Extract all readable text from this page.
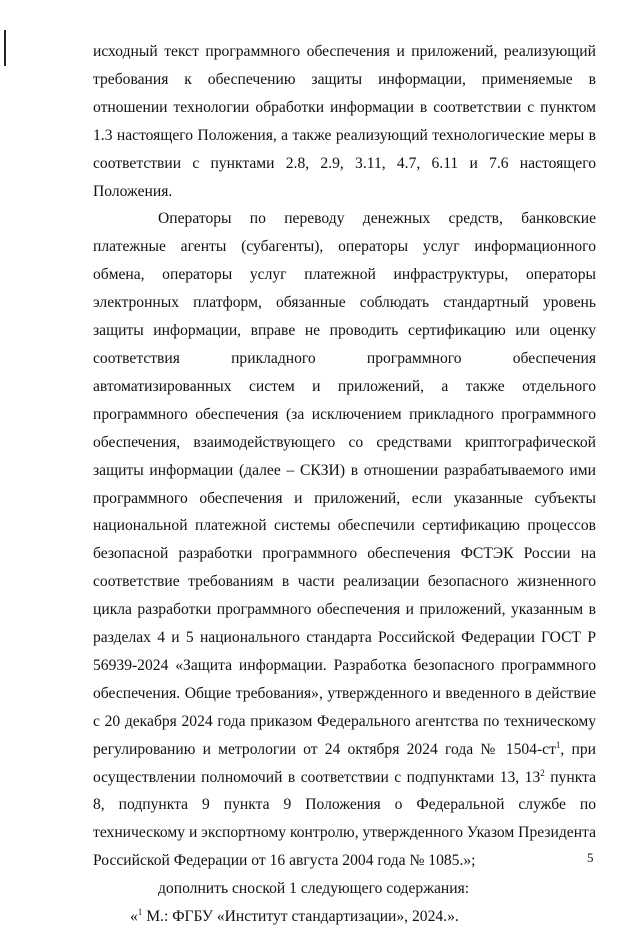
исходный текст программного обеспечения и приложений, реализующий требования к обеспечению защиты информации, применяемые в отношении технологии обработки информации в соответствии с пунктом 1.3 настоящего Положения, а также реализующий технологические меры в соответствии с пунктами 2.8, 2.9, 3.11, 4.7, 6.11 и 7.6 настоящего Положения.

Операторы по переводу денежных средств, банковские платежные агенты (субагенты), операторы услуг информационного обмена, операторы услуг платежной инфраструктуры, операторы электронных платформ, обязанные соблюдать стандартный уровень защиты информации, вправе не проводить сертификацию или оценку соответствия прикладного программного обеспечения автоматизированных систем и приложений, а также отдельного программного обеспечения (за исключением прикладного программного обеспечения, взаимодействующего со средствами криптографической защиты информации (далее – СКЗИ) в отношении разрабатываемого ими программного обеспечения и приложений, если указанные субъекты национальной платежной системы обеспечили сертификацию процессов безопасной разработки программного обеспечения ФСТЭК России на соответствие требованиям в части реализации безопасного жизненного цикла разработки программного обеспечения и приложений, указанным в разделах 4 и 5 национального стандарта Российской Федерации ГОСТ Р 56939-2024 «Защита информации. Разработка безопасного программного обеспечения. Общие требования», утвержденного и введенного в действие с 20 декабря 2024 года приказом Федерального агентства по техническому регулированию и метрологии от 24 октября 2024 года № $1504-ст^1$, при осуществлении полномочий в соответствии с подпунктами 13, $13^2$ пункта 8, подпункта 9 пункта 9 Положения о Федеральной службе по техническому и экспортному контролю, утвержденного Указом Президента Российской Федерации от 16 августа 2004 года № 1085.»;

дополнить сноской 1 следующего содержания:

«$^1$ М.: ФГБУ «Институт стандартизации», 2024.».

5
